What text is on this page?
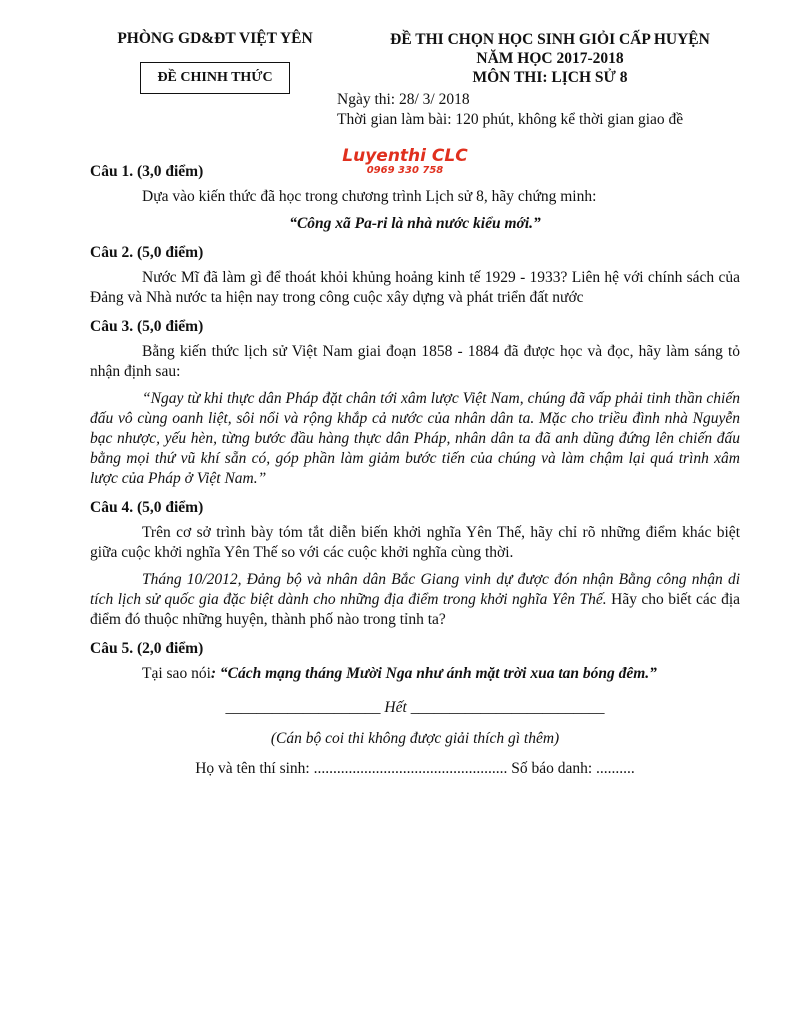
PHÒNG GD&ĐT VIỆT YÊN
ĐỀ CHINH THỨC
ĐỀ THI CHỌN HỌC SINH GIỎI CẤP HUYỆN
NĂM HỌC 2017-2018
MÔN THI: LỊCH SỬ 8
Ngày thi: 28/ 3/ 2018
Thời gian làm bài: 120 phút, không kể thời gian giao đề
Luyenthi CLC
0969 330 758
Câu 1. (3,0 điểm)

Dựa vào kiến thức đã học trong chương trình Lịch sử 8, hãy chứng minh:

“Công xã Pa-ri là nhà nước kiểu mới.”

Câu 2. (5,0 điểm)

Nước Mĩ đã làm gì để thoát khỏi khủng hoảng kinh tế 1929 - 1933? Liên hệ với chính sách của Đảng và Nhà nước ta hiện nay trong công cuộc xây dựng và phát triển đất nước

Câu 3. (5,0 điểm)

Bằng kiến thức lịch sử Việt Nam giai đoạn 1858 - 1884 đã được học và đọc, hãy làm sáng tỏ nhận định sau:

“Ngay từ khi thực dân Pháp đặt chân tới xâm lược Việt Nam, chúng đã vấp phải tinh thần chiến đấu vô cùng oanh liệt, sôi nổi và rộng khắp cả nước của nhân dân ta. Mặc cho triều đình nhà Nguyễn bạc nhược, yếu hèn, từng bước đầu hàng thực dân Pháp, nhân dân ta đã anh dũng đứng lên chiến đấu bằng mọi thứ vũ khí sẵn có, góp phần làm giảm bước tiến của chúng và làm chậm lại quá trình xâm lược của Pháp ở Việt Nam.”

Câu 4. (5,0 điểm)

Trên cơ sở trình bày tóm tắt diễn biến khởi nghĩa Yên Thế, hãy chỉ rõ những điểm khác biệt giữa cuộc khởi nghĩa Yên Thế so với các cuộc khởi nghĩa cùng thời.

Tháng 10/2012, Đảng bộ và nhân dân Bắc Giang vinh dự được đón nhận Bằng công nhận di tích lịch sử quốc gia đặc biệt dành cho những địa điểm trong khởi nghĩa Yên Thế. Hãy cho biết các địa điểm đó thuộc những huyện, thành phố nào trong tỉnh ta?

Câu 5. (2,0 điểm)

Tại sao nói: “Cách mạng tháng Mười Nga như ánh mặt trời xua tan bóng đêm.”

____________________ Hết _________________________
(Cán bộ coi thi không được giải thích gì thêm)
Họ và tên thí sinh: .................................................. Số báo danh: ..........
